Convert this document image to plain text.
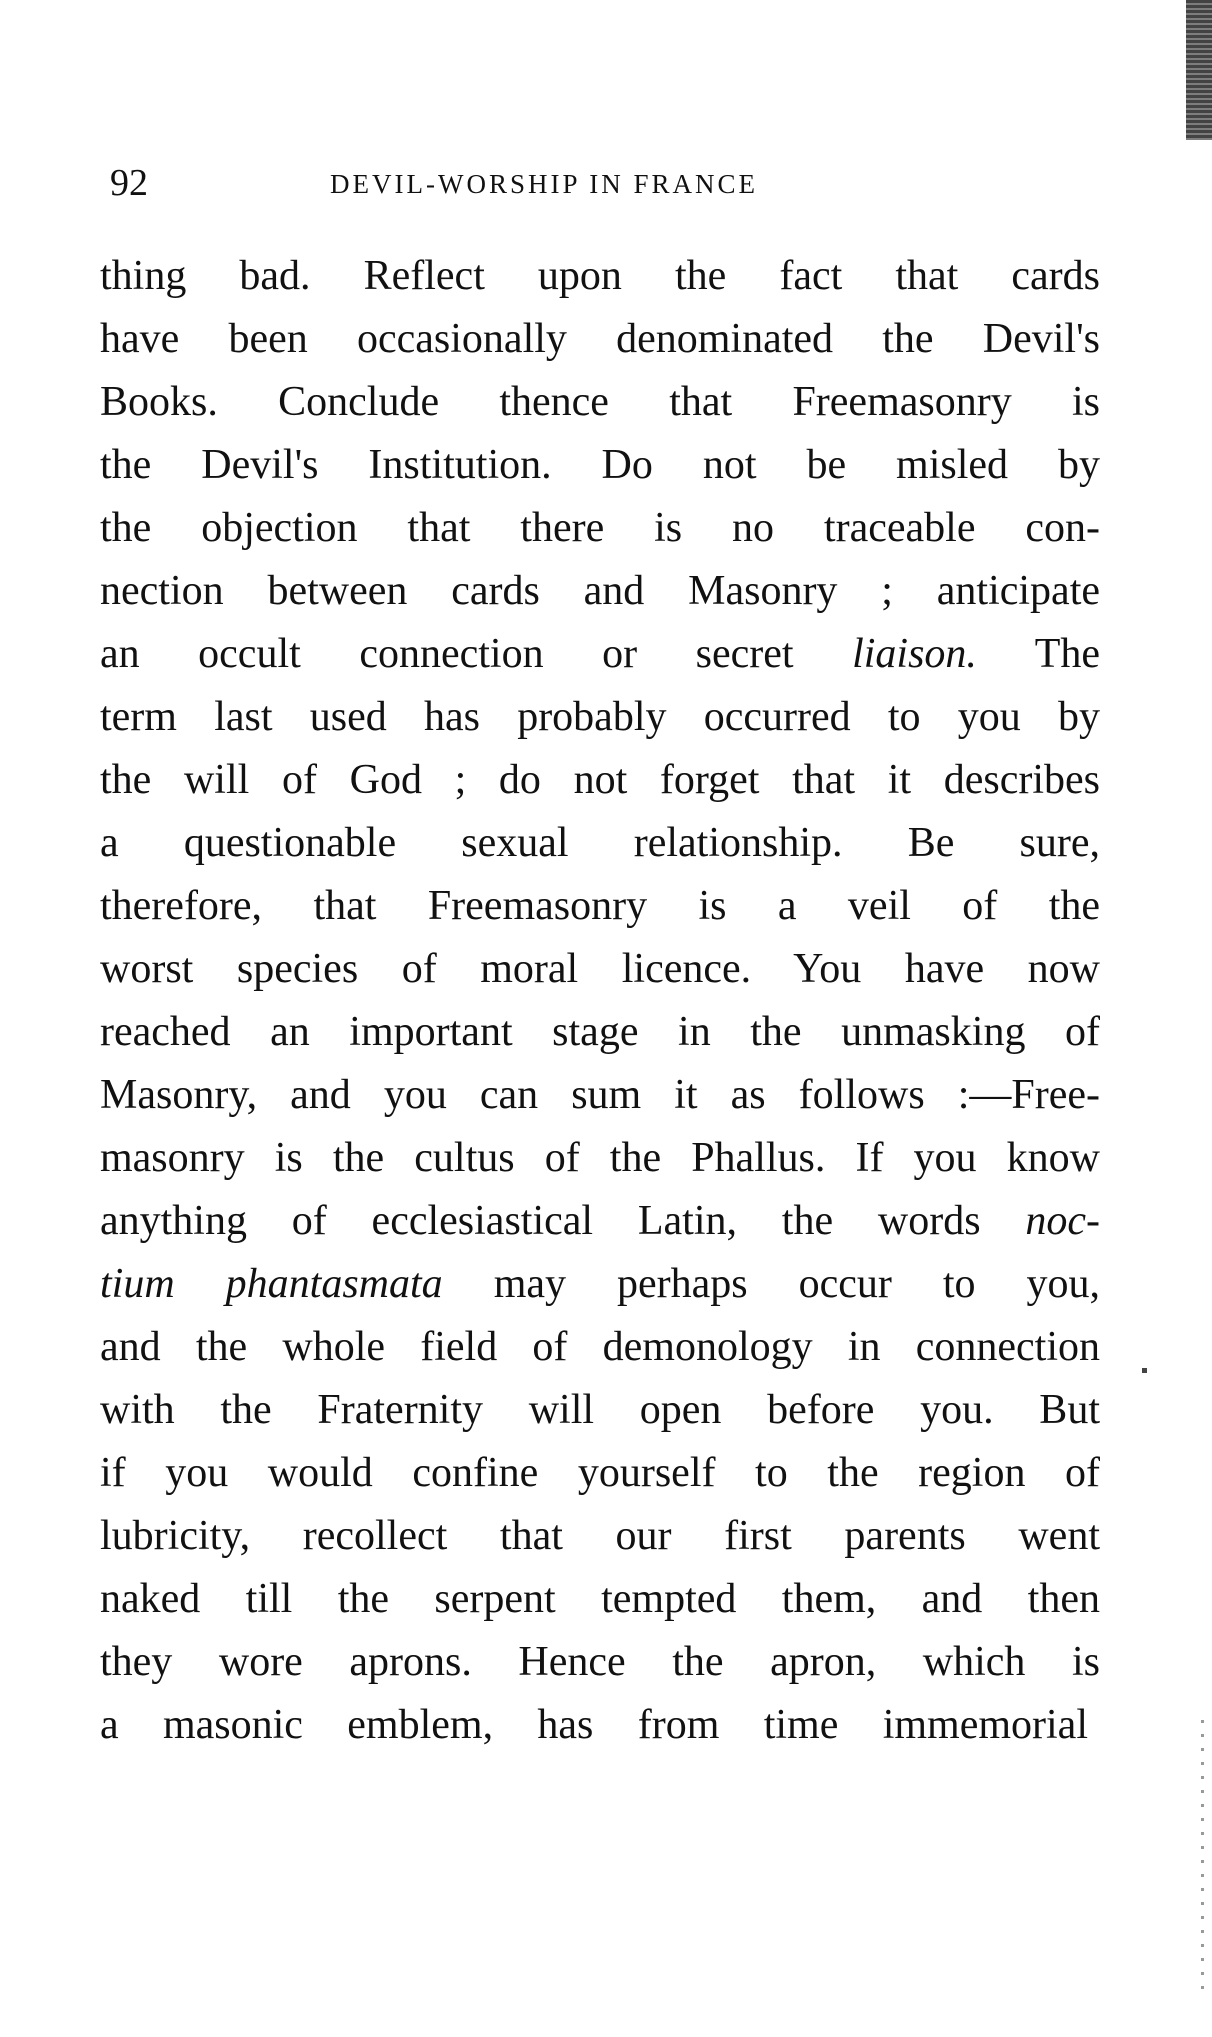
92	DEVIL-WORSHIP IN FRANCE
thing bad. Reflect upon the fact that cards
have been occasionally denominated the Devil's
Books. Conclude thence that Freemasonry is
the Devil's Institution. Do not be misled by
the objection that there is no traceable con-
nection between cards and Masonry ; anticipate
an occult connection or secret liaison. The
term last used has probably occurred to you by
the will of God ; do not forget that it describes
a questionable sexual relationship. Be sure,
therefore, that Freemasonry is a veil of the
worst species of moral licence. You have now
reached an important stage in the unmasking of
Masonry, and you can sum it as follows :—Free-
masonry is the cultus of the Phallus. If you know
anything of ecclesiastical Latin, the words noc-
tium phantasmata may perhaps occur to you,
and the whole field of demonology in connection
with the Fraternity will open before you. But
if you would confine yourself to the region of
lubricity, recollect that our first parents went
naked till the serpent tempted them, and then
they wore aprons. Hence the apron, which is
a masonic emblem, has from time immemorial
